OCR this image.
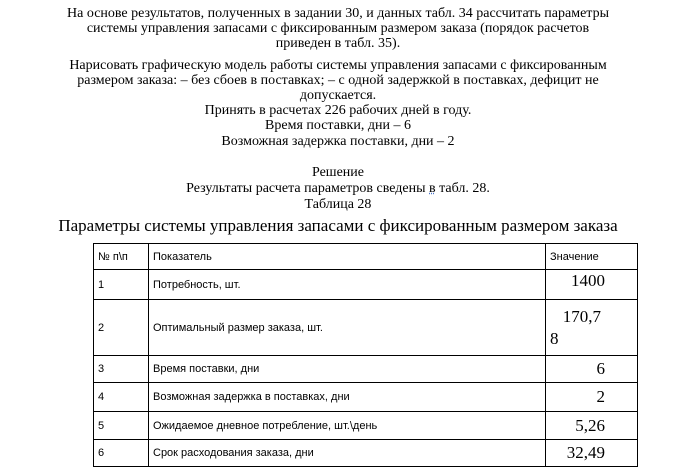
На основе результатов, полученных в задании 30, и данных табл. 34 рассчитать параметры системы управления запасами с фиксированным размером заказа (порядок расчетов приведен в табл. 35).
Нарисовать графическую модель работы системы управления запасами с фиксированным размером заказа: – без сбоев в поставках; – с одной задержкой в поставках, дефицит не допускается.
Принять в расчетах 226 рабочих дней в году.
Время поставки, дни – 6
Возможная задержка поставки, дни – 2
Решение
Результаты расчета параметров сведены в табл. 28.
Таблица 28
Параметры системы управления запасами с фиксированным размером заказа
№ п\п	Показатель	Значение
1	Потребность, шт.	1400
2	Оптимальный размер заказа, шт.	170,7
8

3	Время поставки, дни	6
4	Возможная задержка в поставках, дни	2
5	Ожидаемое дневное потребление, шт.\день	5,26
6	Срок расходования заказа, дни	32,49
